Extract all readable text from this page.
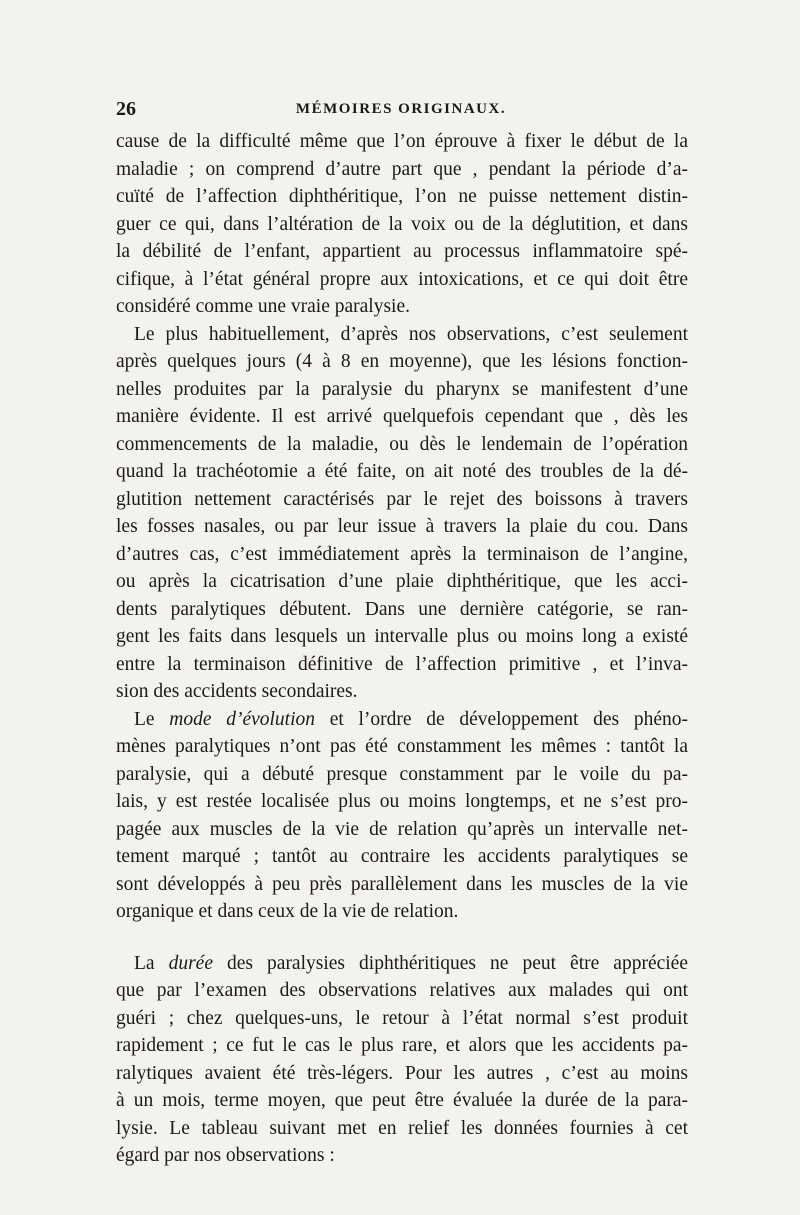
26	MÉMOIRES ORIGINAUX.

cause de la difficulté même que l’on éprouve à fixer le début de la
maladie ; on comprend d’autre part que , pendant la période d’a-
cuïté de l’affection diphthéritique, l’on ne puisse nettement distin-
guer ce qui, dans l’altération de la voix ou de la déglutition, et dans
la débilité de l’enfant, appartient au processus inflammatoire spé-
cifique, à l’état général propre aux intoxications, et ce qui doit être
considéré comme une vraie paralysie.

Le plus habituellement, d’après nos observations, c’est seulement
après quelques jours (4 à 8 en moyenne), que les lésions fonction-
nelles produites par la paralysie du pharynx se manifestent d’une
manière évidente. Il est arrivé quelquefois cependant que , dès les
commencements de la maladie, ou dès le lendemain de l’opération
quand la trachéotomie a été faite, on ait noté des troubles de la dé-
glutition nettement caractérisés par le rejet des boissons à travers
les fosses nasales, ou par leur issue à travers la plaie du cou. Dans
d’autres cas, c’est immédiatement après la terminaison de l’angine,
ou après la cicatrisation d’une plaie diphthéritique, que les acci-
dents paralytiques débutent. Dans une dernière catégorie, se ran-
gent les faits dans lesquels un intervalle plus ou moins long a existé
entre la terminaison définitive de l’affection primitive , et l’inva-
sion des accidents secondaires.

Le mode d’évolution et l’ordre de développement des phéno-
mènes paralytiques n’ont pas été constamment les mêmes : tantôt la
paralysie, qui a débuté presque constamment par le voile du pa-
lais, y est restée localisée plus ou moins longtemps, et ne s’est pro-
pagée aux muscles de la vie de relation qu’après un intervalle net-
tement marqué ; tantôt au contraire les accidents paralytiques se
sont développés à peu près parallèlement dans les muscles de la vie
organique et dans ceux de la vie de relation.

La durée des paralysies diphthéritiques ne peut être appréciée
que par l’examen des observations relatives aux malades qui ont
guéri ; chez quelques-uns, le retour à l’état normal s’est produit
rapidement ; ce fut le cas le plus rare, et alors que les accidents pa-
ralytiques avaient été très-légers. Pour les autres , c’est au moins
à un mois, terme moyen, que peut être évaluée la durée de la para-
lysie. Le tableau suivant met en relief les données fournies à cet
égard par nos observations :
